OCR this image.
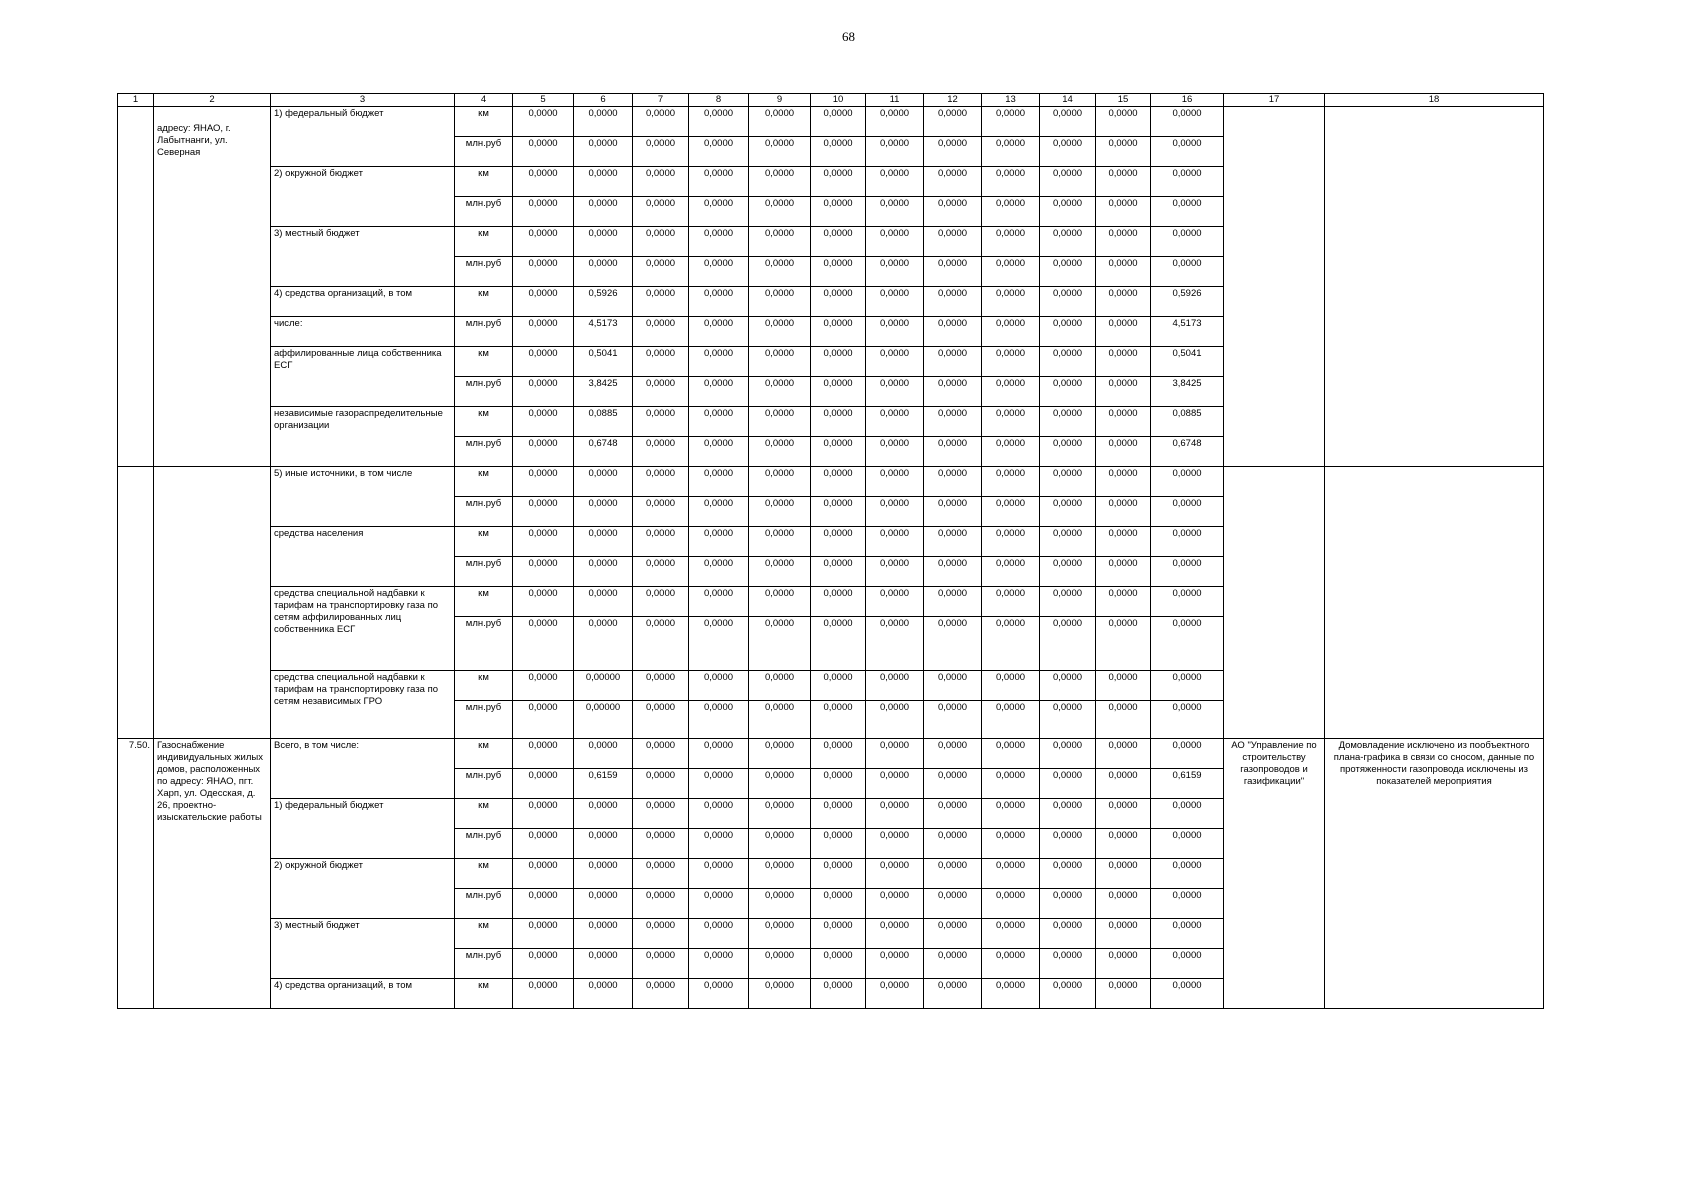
68
1	2	3	4	5	6	7	8	9	10	11	12	13	14	15	16	17	18
	адресу: ЯНАО, г. Лабытнанги, ул. Северная	1) федеральный бюджет	км	0,0000	0,0000	0,0000	0,0000	0,0000	0,0000	0,0000	0,0000	0,0000	0,0000	0,0000	0,0000		
			млн.руб	0,0000	0,0000	0,0000	0,0000	0,0000	0,0000	0,0000	0,0000	0,0000	0,0000	0,0000	0,0000		
		2) окружной бюджет	км	0,0000	0,0000	0,0000	0,0000	0,0000	0,0000	0,0000	0,0000	0,0000	0,0000	0,0000	0,0000		
			млн.руб	0,0000	0,0000	0,0000	0,0000	0,0000	0,0000	0,0000	0,0000	0,0000	0,0000	0,0000	0,0000		
		3) местный бюджет	км	0,0000	0,0000	0,0000	0,0000	0,0000	0,0000	0,0000	0,0000	0,0000	0,0000	0,0000	0,0000		
			млн.руб	0,0000	0,0000	0,0000	0,0000	0,0000	0,0000	0,0000	0,0000	0,0000	0,0000	0,0000	0,0000		
		4) средства организаций, в том	км	0,0000	0,5926	0,0000	0,0000	0,0000	0,0000	0,0000	0,0000	0,0000	0,0000	0,0000	0,5926		
		числе:	млн.руб	0,0000	4,5173	0,0000	0,0000	0,0000	0,0000	0,0000	0,0000	0,0000	0,0000	0,0000	4,5173		
		аффилированные лица собственника ЕСГ	км	0,0000	0,5041	0,0000	0,0000	0,0000	0,0000	0,0000	0,0000	0,0000	0,0000	0,0000	0,5041		
			млн.руб	0,0000	3,8425	0,0000	0,0000	0,0000	0,0000	0,0000	0,0000	0,0000	0,0000	0,0000	3,8425		
		независимые газораспределительные организации	км	0,0000	0,0885	0,0000	0,0000	0,0000	0,0000	0,0000	0,0000	0,0000	0,0000	0,0000	0,0885		
			млн.руб	0,0000	0,6748	0,0000	0,0000	0,0000	0,0000	0,0000	0,0000	0,0000	0,0000	0,0000	0,6748		
		5) иные источники, в том числе	км	0,0000	0,0000	0,0000	0,0000	0,0000	0,0000	0,0000	0,0000	0,0000	0,0000	0,0000	0,0000		
			млн.руб	0,0000	0,0000	0,0000	0,0000	0,0000	0,0000	0,0000	0,0000	0,0000	0,0000	0,0000	0,0000		
		средства населения	км	0,0000	0,0000	0,0000	0,0000	0,0000	0,0000	0,0000	0,0000	0,0000	0,0000	0,0000	0,0000		
			млн.руб	0,0000	0,0000	0,0000	0,0000	0,0000	0,0000	0,0000	0,0000	0,0000	0,0000	0,0000	0,0000		
		средства специальной надбавки к тарифам на транспортировку газа по сетям аффилированных лиц собственника ЕСГ	км	0,0000	0,0000	0,0000	0,0000	0,0000	0,0000	0,0000	0,0000	0,0000	0,0000	0,0000	0,0000		
			млн.руб	0,0000	0,0000	0,0000	0,0000	0,0000	0,0000	0,0000	0,0000	0,0000	0,0000	0,0000	0,0000		
		средства специальной надбавки к тарифам на транспортировку газа по сетям независимых ГРО	км	0,0000	0,00000	0,0000	0,0000	0,0000	0,0000	0,0000	0,0000	0,0000	0,0000	0,0000	0,0000		
			млн.руб	0,0000	0,00000	0,0000	0,0000	0,0000	0,0000	0,0000	0,0000	0,0000	0,0000	0,0000	0,0000		
7.50.	Газоснабжение индивидуальных жилых домов, расположенных по адресу: ЯНАО, пгт. Харп, ул. Одесская, д. 26, проектно-изыскательские работы	Всего, в том числе:	км	0,0000	0,0000	0,0000	0,0000	0,0000	0,0000	0,0000	0,0000	0,0000	0,0000	0,0000	0,0000	АО "Управление по строительству газопроводов и газификации"	Домовладение исключено из пообъектного плана-графика в связи со сносом, данные по протяженности газопровода исключены из показателей мероприятия
			млн.руб	0,0000	0,6159	0,0000	0,0000	0,0000	0,0000	0,0000	0,0000	0,0000	0,0000	0,0000	0,6159		
		1) федеральный бюджет	км	0,0000	0,0000	0,0000	0,0000	0,0000	0,0000	0,0000	0,0000	0,0000	0,0000	0,0000	0,0000		
			млн.руб	0,0000	0,0000	0,0000	0,0000	0,0000	0,0000	0,0000	0,0000	0,0000	0,0000	0,0000	0,0000		
		2) окружной бюджет	км	0,0000	0,0000	0,0000	0,0000	0,0000	0,0000	0,0000	0,0000	0,0000	0,0000	0,0000	0,0000		
			млн.руб	0,0000	0,0000	0,0000	0,0000	0,0000	0,0000	0,0000	0,0000	0,0000	0,0000	0,0000	0,0000		
		3) местный бюджет	км	0,0000	0,0000	0,0000	0,0000	0,0000	0,0000	0,0000	0,0000	0,0000	0,0000	0,0000	0,0000		
			млн.руб	0,0000	0,0000	0,0000	0,0000	0,0000	0,0000	0,0000	0,0000	0,0000	0,0000	0,0000	0,0000		
		4) средства организаций, в том	км	0,0000	0,0000	0,0000	0,0000	0,0000	0,0000	0,0000	0,0000	0,0000	0,0000	0,0000	0,0000		
